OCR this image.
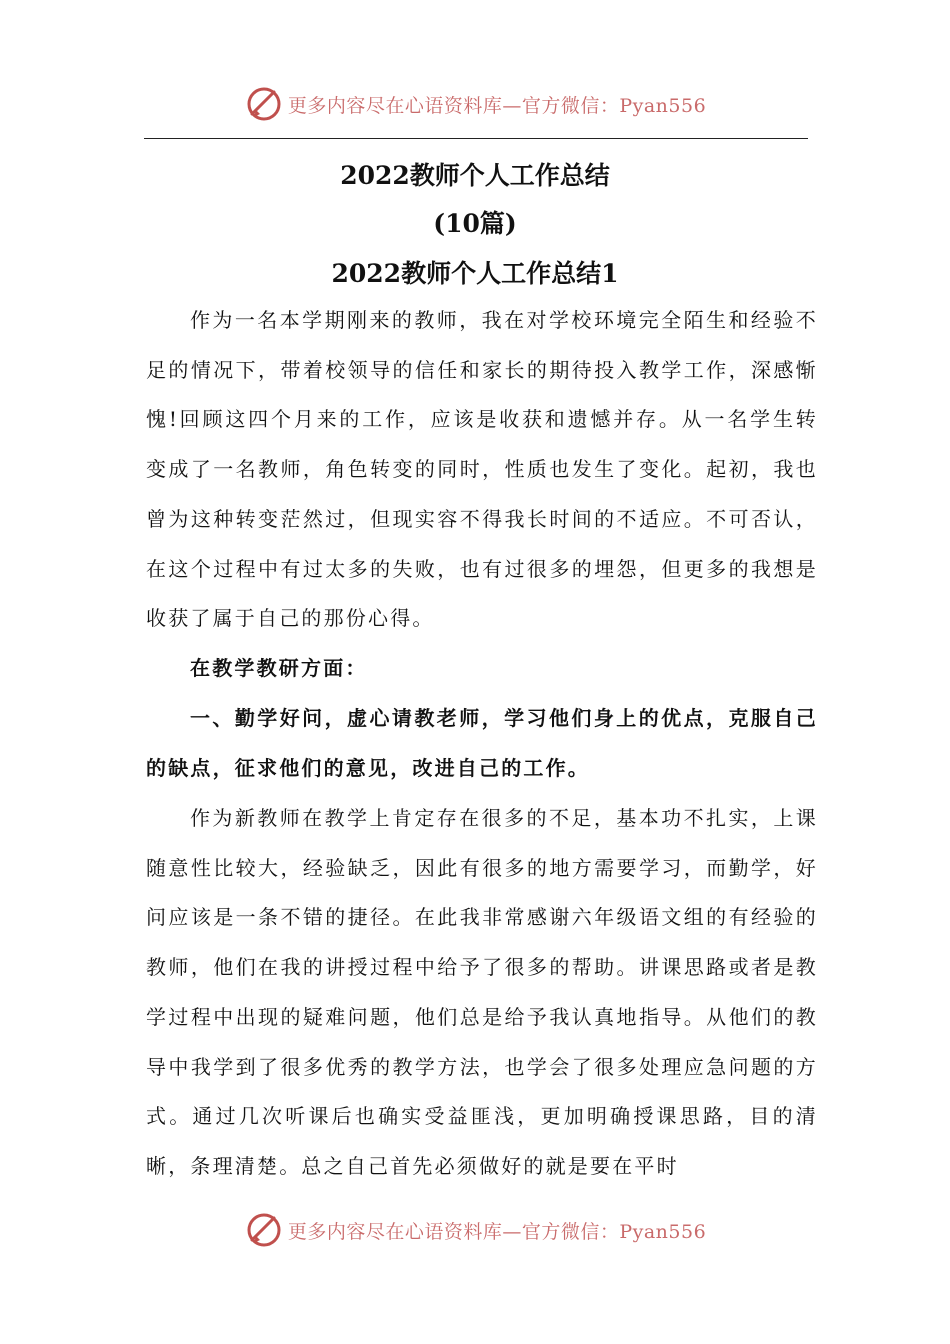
更多内容尽在心语资料库—官方微信：Pyan556
2022教师个人工作总结
(10篇)
2022教师个人工作总结1
作为一名本学期刚来的教师，我在对学校环境完全陌生和经验不足的情况下，带着校领导的信任和家长的期待投入教学工作，深感惭愧!回顾这四个月来的工作，应该是收获和遗憾并存。从一名学生转变成了一名教师，角色转变的同时，性质也发生了变化。起初，我也曾为这种转变茫然过，但现实容不得我长时间的不适应。不可否认，在这个过程中有过太多的失败，也有过很多的埋怨，但更多的我想是收获了属于自己的那份心得。
在教学教研方面：
一、勤学好问，虚心请教老师，学习他们身上的优点，克服自己的缺点，征求他们的意见，改进自己的工作。
作为新教师在教学上肯定存在很多的不足，基本功不扎实，上课随意性比较大，经验缺乏，因此有很多的地方需要学习，而勤学，好问应该是一条不错的捷径。在此我非常感谢六年级语文组的有经验的教师，他们在我的讲授过程中给予了很多的帮助。讲课思路或者是教学过程中出现的疑难问题，他们总是给予我认真地指导。从他们的教导中我学到了很多优秀的教学方法，也学会了很多处理应急问题的方式。通过几次听课后也确实受益匪浅，更加明确授课思路，目的清晰，条理清楚。总之自己首先必须做好的就是要在平时
更多内容尽在心语资料库—官方微信：Pyan556
